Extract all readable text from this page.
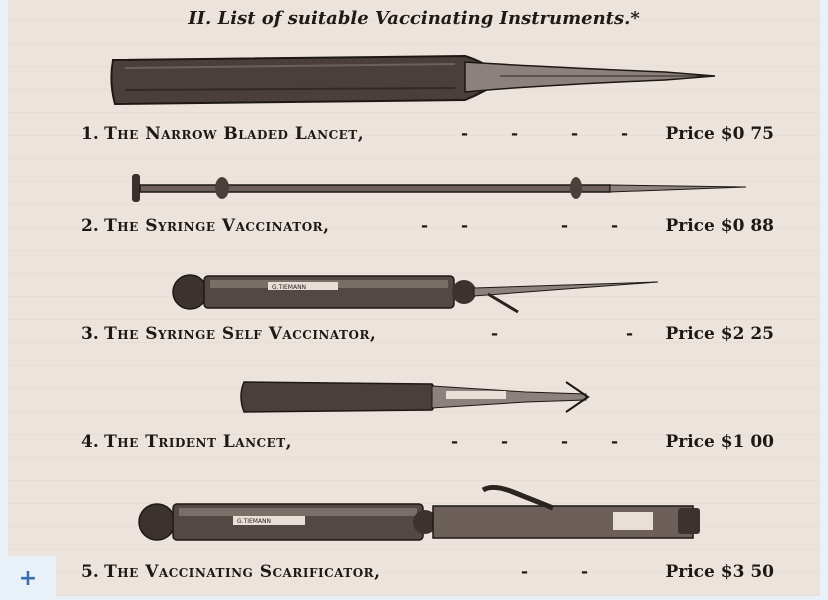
II. List of suitable Vaccinating Instruments.*
1. The Narrow Bladed Lancet,	-	-	-	- Price $0 75
2. The Syringe Vaccinator,	- -	-	-	Price $0 88
G.TIEMANN
3. The Syringe Self Vaccinator,	-	- Price $2 25
4. The Trident Lancet,	-	-	-	-	Price $1 00
G.TIEMANN
5. The Vaccinating Scarificator,	-	-	Price $3 50
+
